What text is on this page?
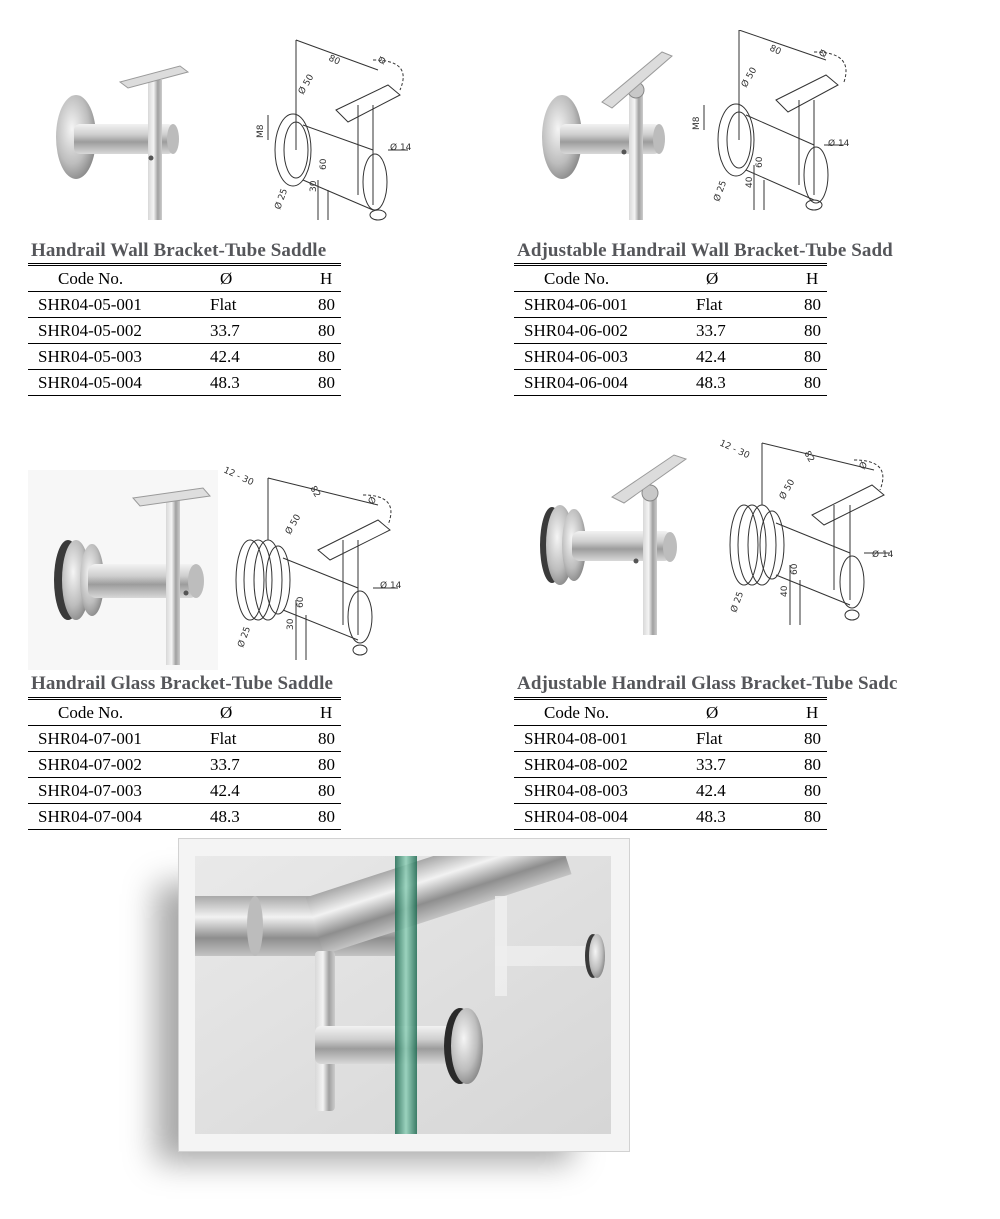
80
Ø 50
M8
Ø 25
30
60
Ø 14
Ø
Handrail Wall Bracket-Tube Saddle
Code No.	Ø	H
SHR04-05-001	Flat	80
SHR04-05-002	33.7	80
SHR04-05-003	42.4	80
SHR04-05-004	48.3	80
80
Ø 50
M8
Ø 25 40
60
Ø 14
Ø
Adjustable Handrail Wall Bracket-Tube Sadd
Code No.	Ø	H
SHR04-06-001	Flat	80
SHR04-06-002	33.7	80
SHR04-06-003	42.4	80
SHR04-06-004	48.3	80
12 - 30
82
Ø 50
Ø 25
30
60
Ø 14
Ø
Handrail Glass Bracket-Tube Saddle
Code No.	Ø	H
SHR04-07-001	Flat	80
SHR04-07-002	33.7	80
SHR04-07-003	42.4	80
SHR04-07-004	48.3	80
12 - 30	82
Ø 50
Ø 25	40
60
Ø 14
Ø
Adjustable Handrail Glass Bracket-Tube Sadc
Code No.	Ø	H
SHR04-08-001	Flat	80
SHR04-08-002	33.7	80
SHR04-08-003	42.4	80
SHR04-08-004	48.3	80
